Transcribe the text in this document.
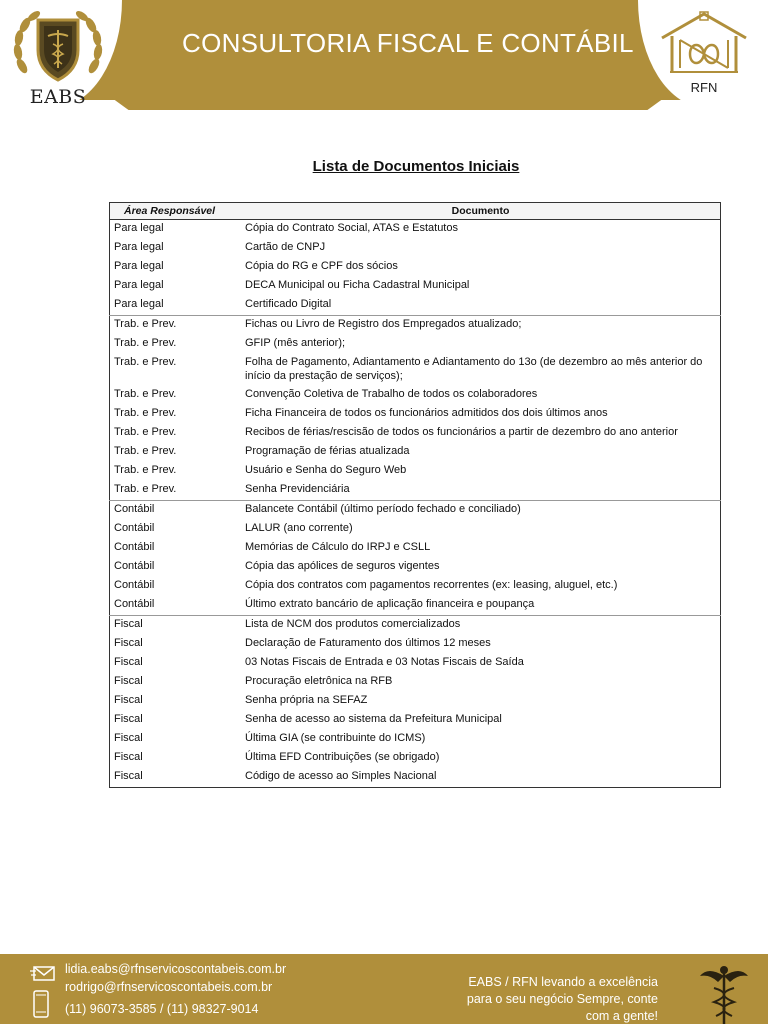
EABS
CONSULTORIA FISCAL E CONTÁBIL
RFN
Lista de Documentos Iniciais
Área Responsável	Documento
Para legal	Cópia do Contrato Social, ATAS e Estatutos
Para legal	Cartão de CNPJ
Para legal	Cópia do RG e CPF dos sócios
Para legal	DECA Municipal ou Ficha Cadastral Municipal
Para legal	Certificado Digital
Trab. e Prev.	Fichas ou Livro de Registro dos Empregados atualizado;
Trab. e Prev.	GFIP (mês anterior);
Trab. e Prev.	Folha de Pagamento, Adiantamento e Adiantamento do 13o (de dezembro ao mês anterior do início da prestação de serviços);
Trab. e Prev.	Convenção Coletiva de Trabalho de todos os colaboradores
Trab. e Prev.	Ficha Financeira de todos os funcionários admitidos dos dois últimos anos
Trab. e Prev.	Recibos de férias/rescisão de todos os funcionários a partir de dezembro do ano anterior
Trab. e Prev.	Programação de férias atualizada
Trab. e Prev.	Usuário e Senha do Seguro Web
Trab. e Prev.	Senha Previdenciária
Contábil	Balancete Contábil (último período fechado e conciliado)
Contábil	LALUR (ano corrente)
Contábil	Memórias de Cálculo do IRPJ e CSLL
Contábil	Cópia das apólices de seguros vigentes
Contábil	Cópia dos contratos com pagamentos recorrentes (ex: leasing, aluguel, etc.)
Contábil	Último extrato bancário de aplicação financeira e poupança
Fiscal	Lista de NCM dos produtos comercializados
Fiscal	Declaração de Faturamento dos últimos 12 meses
Fiscal	03 Notas Fiscais de Entrada e 03 Notas Fiscais de Saída
Fiscal	Procuração eletrônica na RFB
Fiscal	Senha própria na SEFAZ
Fiscal	Senha de acesso ao sistema da Prefeitura Municipal
Fiscal	Última GIA (se contribuinte do ICMS)
Fiscal	Última EFD Contribuições (se obrigado)
Fiscal	Código de acesso ao Simples Nacional
lidia.eabs@rfnservicoscontabeis.com.br
rodrigo@rfnservicoscontabeis.com.br
(11) 96073-3585 / (11) 98327-9014
EABS / RFN levando a excelência para o seu negócio Sempre, conte com a gente!
